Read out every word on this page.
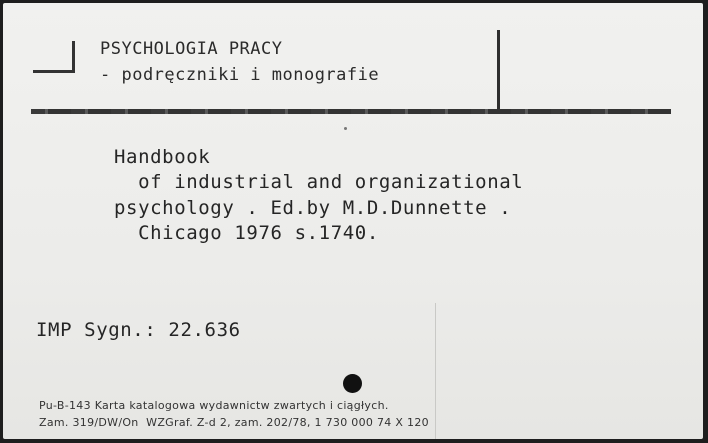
PSYCHOLOGIA PRACY
- podręczniki i monografie
Handbook
of industrial and organizational
psychology . Ed.by M.D.Dunnette .
Chicago 1976 s.1740.
IMP Sygn.: 22.636
Pu-B-143 Karta katalogowa wydawnictw zwartych i ciągłych.
Zam. 319/DW/On  WZGraf. Z-d 2, zam. 202/78, 1 730 000 74 X 120
